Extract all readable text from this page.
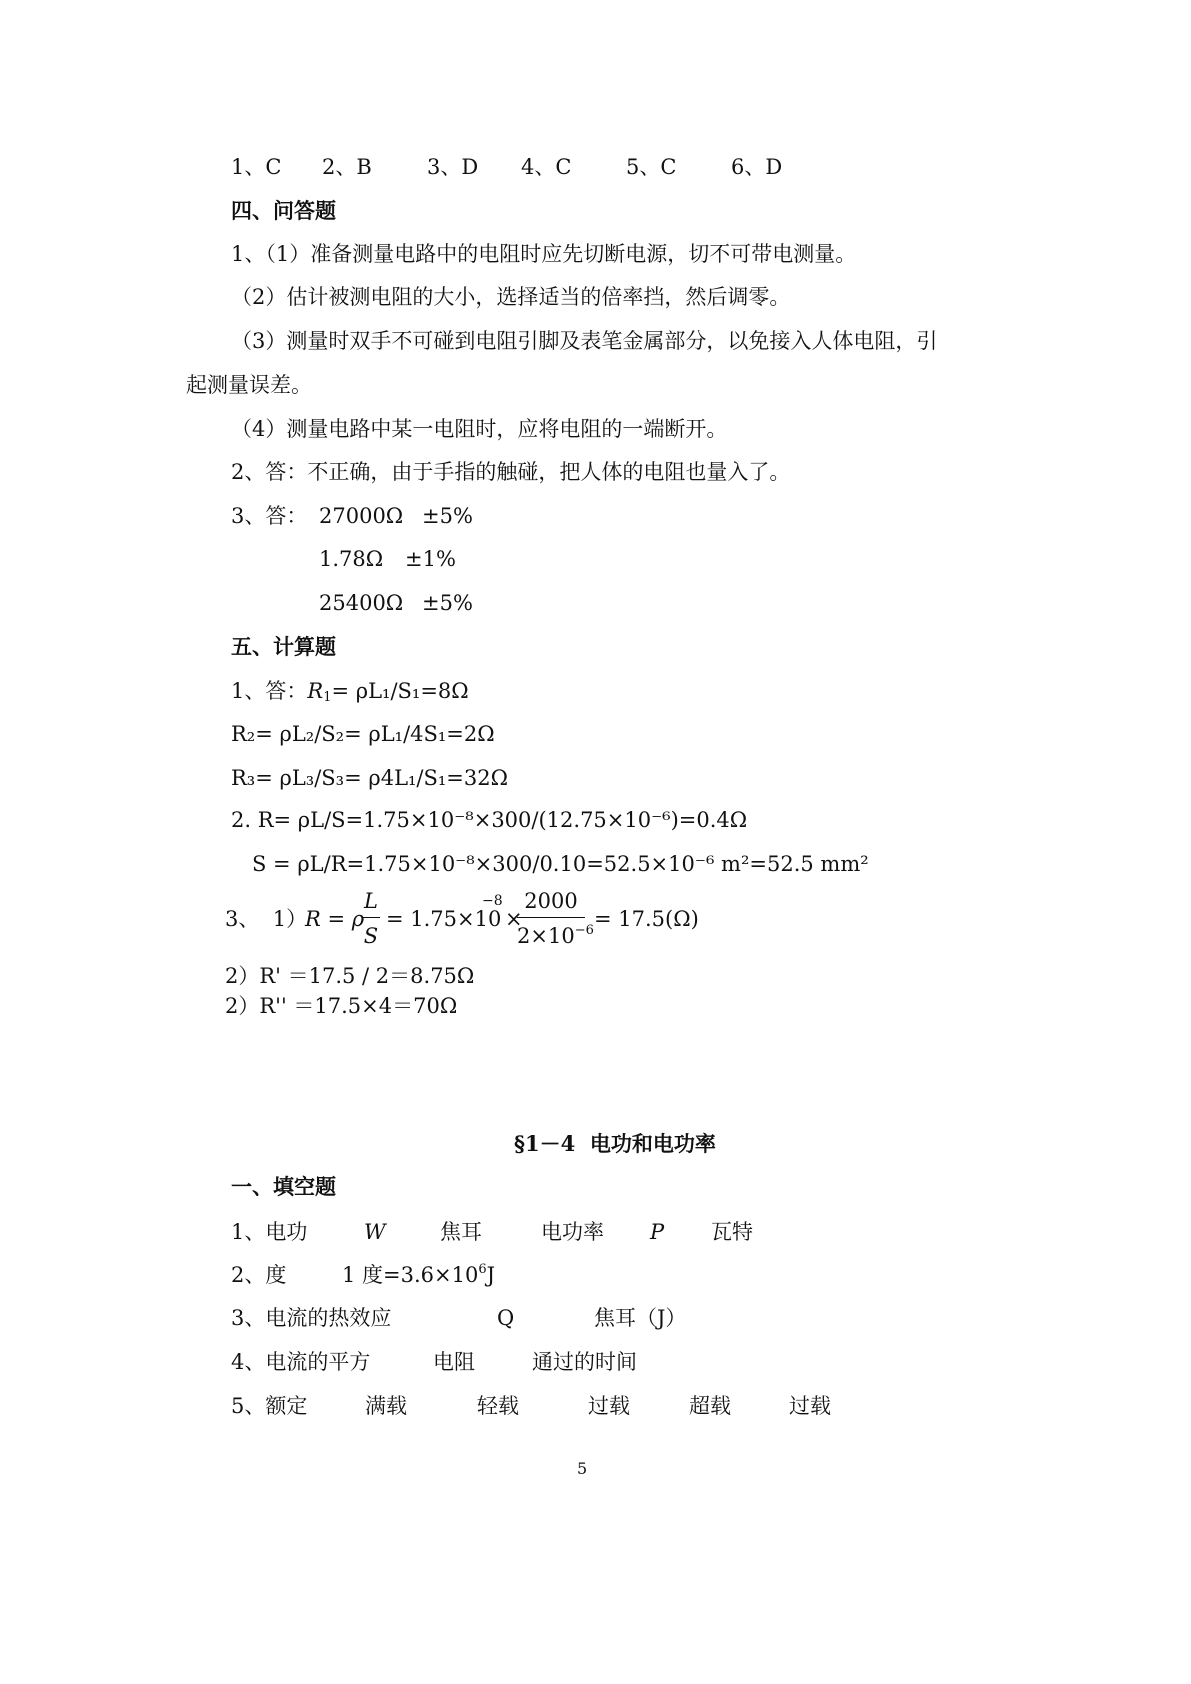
1、C 2、B	3、D 4、C	5、C	6、D
四、问答题
1、（1）准备测量电路中的电阻时应先切断电源，切不可带电测量。
（2）估计被测电阻的大小，选择适当的倍率挡，然后调零。
（3）测量时双手不可碰到电阻引脚及表笔金属部分，以免接入人体电阻，引
起测量误差。
（4）测量电路中某一电阻时，应将电阻的一端断开。
2、答：不正确，由于手指的触碰，把人体的电阻也量入了。
3、答： 27000Ω ±5%
1.78Ω ±1%
25400Ω ±5%
五、计算题
1、答：$R_1= \rho L_1/S_1=8\Omega$
R₂= ρL₂/S₂= ρL₁/4S₁=2Ω
R₃= ρL₃/S₃= ρ4L₁/S₁=32Ω
2. R= ρL/S=1.75×10⁻⁸×300/(12.75×10⁻⁶)=0.4Ω
S = ρL/R=1.75×10⁻⁸×300/0.10=52.5×10⁻⁶ m²=52.5 mm²
3、  1）
R = ρ
$\frac{L}{S} = 1.75\times 10$
−8
×
$\frac{2000}{2\times 10^{-6}} = 17.5(\Omega)$
2）R' ＝17.5 / 2＝8.75Ω
2）R'' ＝17.5×4＝70Ω
§1－4  电功和电功率
一、填空题
1、电功	W	焦耳	电功率 P 瓦特
2、度	1 度$=3.6\times 10^6J$
3、电流的热效应	Q	焦耳（J）
4、电流的平方	电阻	通过的时间
5、额定	满载	轻载	过载	超载	过载
5
